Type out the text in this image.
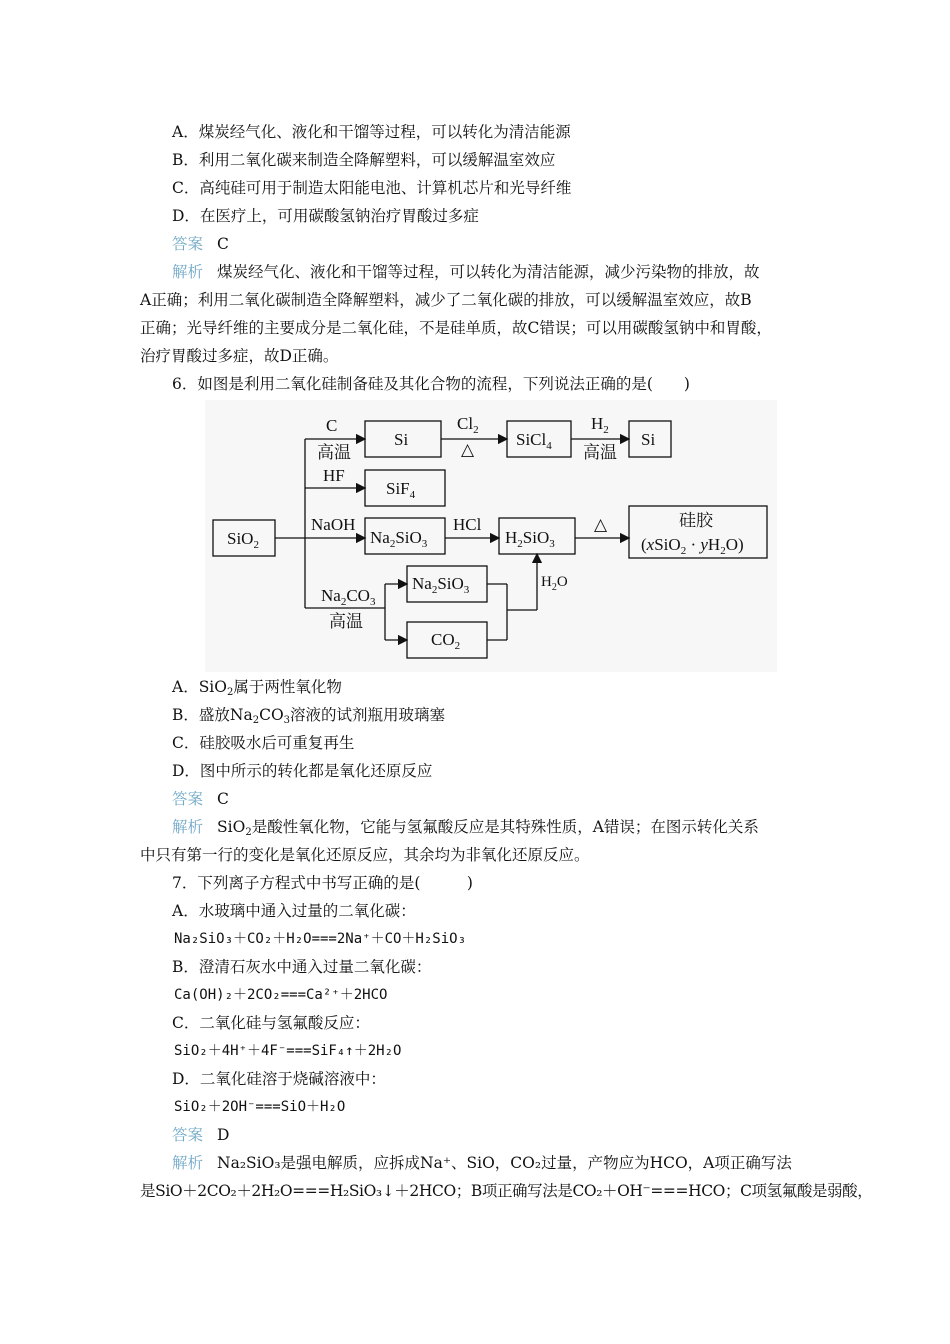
A．煤炭经气化、液化和干馏等过程，可以转化为清洁能源
B．利用二氧化碳来制造全降解塑料，可以缓解温室效应
C．高纯硅可用于制造太阳能电池、计算机芯片和光导纤维
D．在医疗上，可用碳酸氢钠治疗胃酸过多症
答案 C
解析 煤炭经气化、液化和干馏等过程，可以转化为清洁能源，减少污染物的排放，故
A正确；利用二氧化碳制造全降解塑料，减少了二氧化碳的排放，可以缓解温室效应，故B
正确；光导纤维的主要成分是二氧化硅，不是硅单质，故C错误；可以用碳酸氢钠中和胃酸，
治疗胃酸过多症，故D正确。
6．如图是利用二氧化硅制备硅及其化合物的流程，下列说法正确的是(　　)
SiO$_2$
C
高温
Si
$Cl_2$
△
SiCl$_4$
$H_2$
高温
Si
HF
SiF$_4$
NaOH
$Na_2SiO_3$
HCl
$H_2SiO_3$
△	硅胶
(xSiO$_2$ · $yH_2O$)
$Na_2SiO_3$
$Na_2CO_3$
高温
$H_2O$
$CO_2$
A．SiO$_2$属于两性氧化物
B．盛放$Na_2CO_3$溶液的试剂瓶用玻璃塞
C．硅胶吸水后可重复再生
D．图中所示的转化都是氧化还原反应
答案 C
解析 SiO$_2$是酸性氧化物，它能与氢氟酸反应是其特殊性质，A错误；在图示转化关系
中只有第一行的变化是氧化还原反应，其余均为非氧化还原反应。
7．下列离子方程式中书写正确的是(　　　)
A．水玻璃中通入过量的二氧化碳：
Na₂SiO₃＋CO₂＋H₂O===2Na⁺＋CO＋H₂SiO₃
B．澄清石灰水中通入过量二氧化碳：
Ca(OH)₂＋2CO₂===Ca²⁺＋2HCO
C．二氧化硅与氢氟酸反应：
SiO₂＋4H⁺＋4F⁻===SiF₄↑＋2H₂O
D．二氧化硅溶于烧碱溶液中：
SiO₂＋2OH⁻===SiO＋H₂O
答案 D
解析 Na₂SiO₃是强电解质，应拆成Na⁺、SiO，CO₂过量，产物应为HCO，A项正确写法
是SiO＋2CO₂＋2H₂O===H₂SiO₃↓＋2HCO；B项正确写法是CO₂＋OH⁻===HCO；C项氢氟酸是弱酸，
